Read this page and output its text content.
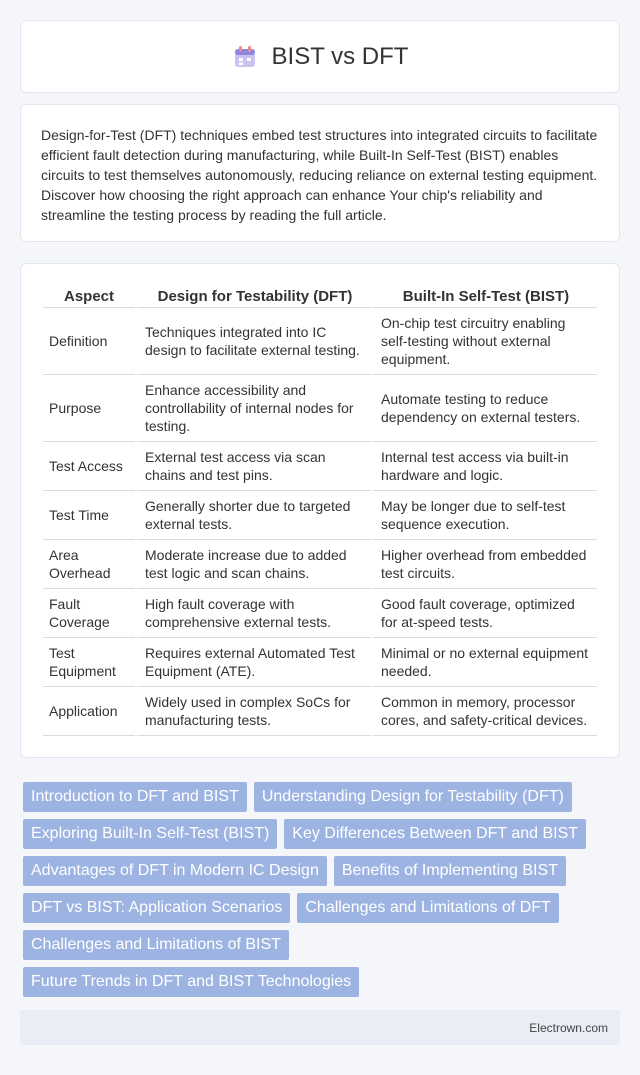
BIST vs DFT

Design-for-Test (DFT) techniques embed test structures into integrated circuits to facilitate efficient fault detection during manufacturing, while Built-In Self-Test (BIST) enables circuits to test themselves autonomously, reducing reliance on external testing equipment. Discover how choosing the right approach can enhance Your chip's reliability and streamline the testing process by reading the full article.

Aspect	Design for Testability (DFT)	Built-In Self-Test (BIST)
Definition	Techniques integrated into IC design to facilitate external testing.	On-chip test circuitry enabling self-testing without external equipment.
Purpose	Enhance accessibility and controllability of internal nodes for testing.	Automate testing to reduce dependency on external testers.
Test Access	External test access via scan chains and test pins.	Internal test access via built-in hardware and logic.
Test Time	Generally shorter due to targeted external tests.	May be longer due to self-test sequence execution.
Area Overhead	Moderate increase due to added test logic and scan chains.	Higher overhead from embedded test circuits.
Fault Coverage	High fault coverage with comprehensive external tests.	Good fault coverage, optimized for at-speed tests.
Test Equipment	Requires external Automated Test Equipment (ATE).	Minimal or no external equipment needed.
Application	Widely used in complex SoCs for manufacturing tests.	Common in memory, processor cores, and safety-critical devices.
Introduction to DFT and BIST	Understanding Design for Testability (DFT)
Exploring Built-In Self-Test (BIST)	Key Differences Between DFT and BIST
Advantages of DFT in Modern IC Design	Benefits of Implementing BIST
DFT vs BIST: Application Scenarios	Challenges and Limitations of DFT
Challenges and Limitations of BIST
Future Trends in DFT and BIST Technologies
Electrown.com
